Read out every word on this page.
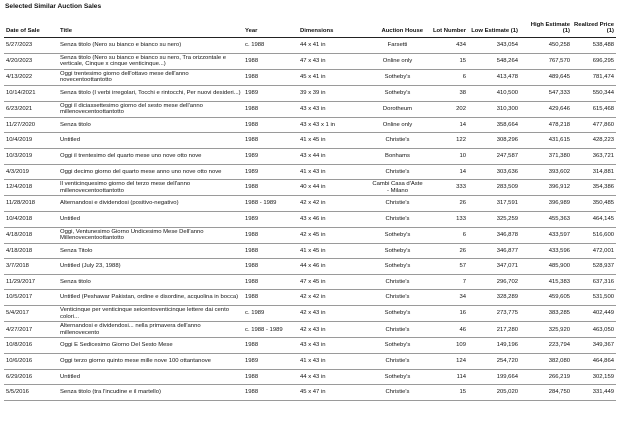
Selected Similar Auction Sales
Date of Sale	Title	Year	Dimensions	Auction House	Lot Number	Low Estimate (1)	High Estimate (1)	Realized Price (1)
5/27/2023	Senza titolo (Nero su bianco e bianco su nero)	c. 1988	44 x 41 in	Farsetti	434	343,054	450,258	538,488
4/20/2023	Senza titolo (Nero su bianco e bianco su nero, Tra orizzontale e verticale, Cinque x cinque venticinque...)	1988	47 x 43 in	Online only	15	548,264	767,570	696,295
4/13/2022	Oggi trentesimo giorno dell'ottavo mese dell'anno novecentoottantotto	1988	45 x 41 in	Sotheby's	6	413,478	489,645	781,474
10/14/2021	Senza titolo (I verbi irregolari, Tocchi e rintocchi, Per nuovi desideri...)	1989	39 x 39 in	Sotheby's	38	410,500	547,333	550,344
6/23/2021	Oggi il diciassettesimo giorno del sesto mese dell'anno millenovecentoottantotto	1988	43 x 43 in	Dorotheum	202	310,300	429,646	615,468
11/27/2020	Senza titolo	1988	43 x 43 x 1 in	Online only	14	358,664	478,218	477,860
10/4/2019	Untitled	1988	41 x 45 in	Christie's	122	308,296	431,615	428,223
10/3/2019	Oggi il trentesimo del quarto mese uno nove otto nove	1989	43 x 44 in	Bonhams	10	247,587	371,380	363,721
4/3/2019	Oggi decimo giorno del quarto mese anno uno nove otto nove	1989	41 x 43 in	Christie's	14	303,636	393,602	314,881
12/4/2018	Il venticinquesimo giorno del terzo mese dell'anno millenovecentoottantotto	1988	40 x 44 in	Cambi Casa d'Aste - Milano	333	283,509	396,912	354,386
11/28/2018	Alternandosi e dividendosi (positivo-negativo)	1988 - 1989	42 x 42 in	Christie's	26	317,591	396,989	350,485
10/4/2018	Untitled	1989	43 x 46 in	Christie's	133	325,259	455,363	464,145
4/18/2018	Oggi, Ventunesimo Giorno Undicesimo Mese Dell'anno Millenovecentoottantotto	1988	42 x 45 in	Sotheby's	6	346,878	433,597	516,600
4/18/2018	Senza Titolo	1988	41 x 45 in	Sotheby's	26	346,877	433,596	472,001
3/7/2018	Untitled (July 23, 1988)	1988	44 x 46 in	Sotheby's	57	347,071	485,900	528,937
11/29/2017	Senza titolo	1988	47 x 45 in	Christie's	7	296,702	415,383	637,316
10/5/2017	Untitled (Peshawar Pakistan, ordine e disordine, acquolina in bocca)	1988	42 x 42 in	Christie's	34	328,289	459,605	531,500
5/4/2017	Venticinque per venticinque seicentoventicinque lettere dai cento colori...	c. 1989	42 x 43 in	Sotheby's	16	273,775	383,285	402,449
4/27/2017	Alternandosi e dividendosi... nella primavera dell'anno millenovecento	c. 1988 - 1989	42 x 43 in	Christie's	46	217,280	325,920	463,050
10/8/2016	Oggi E Sedicesimo Giorno Del Sesto Mese	1988	43 x 43 in	Sotheby's	109	149,196	223,794	349,367
10/6/2016	Oggi terzo giorno quinto mese mille nove 100 ottantanove	1989	41 x 43 in	Christie's	124	254,720	382,080	464,864
6/29/2016	Untitled	1988	44 x 43 in	Sotheby's	114	199,664	266,219	302,159
5/5/2016	Senza titolo (tra l'incudine e il martello)	1988	45 x 47 in	Christie's	15	205,020	284,750	331,449
